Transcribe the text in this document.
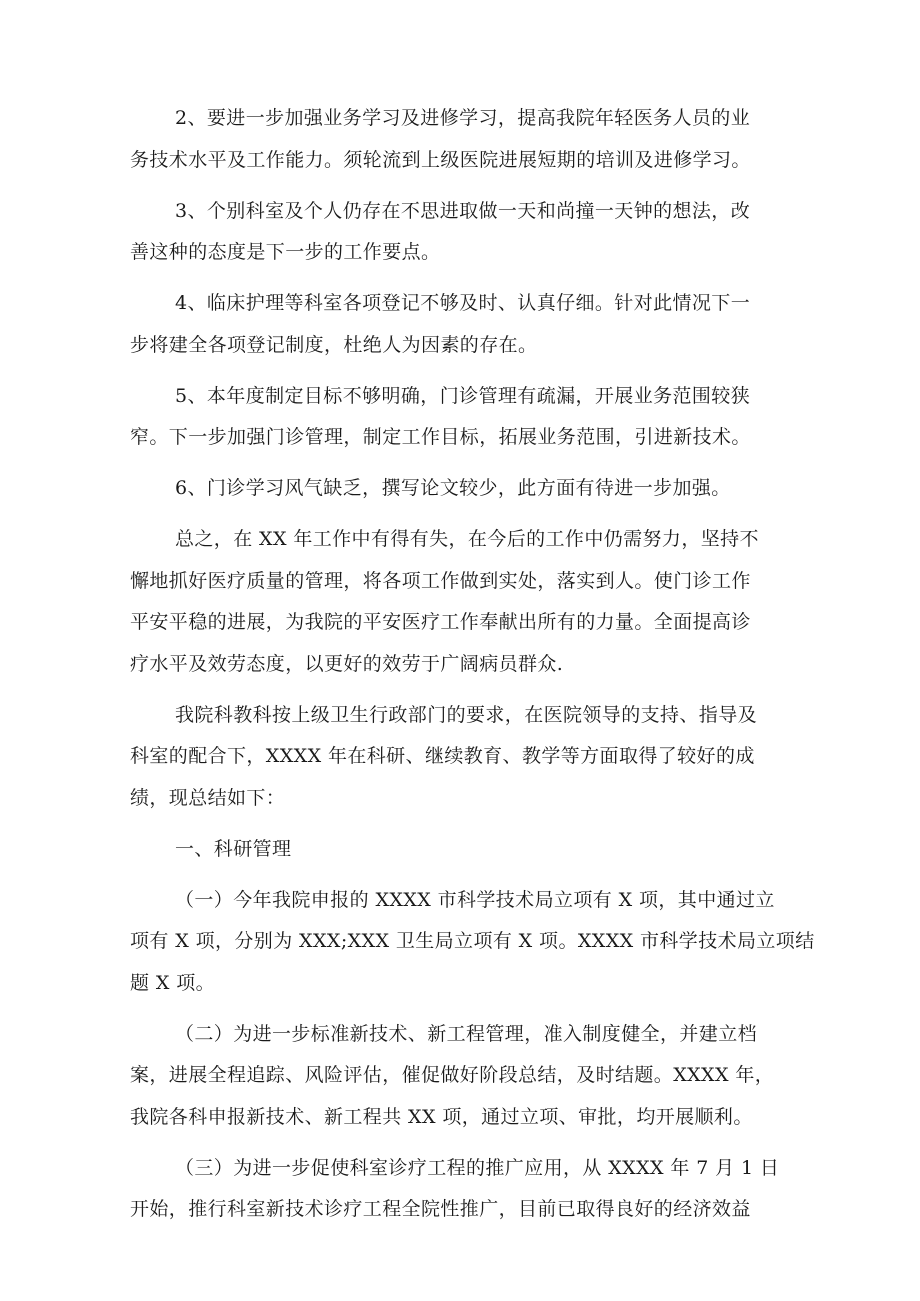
2、要进一步加强业务学习及进修学习，提高我院年轻医务人员的业
务技术水平及工作能力。须轮流到上级医院进展短期的培训及进修学习。
3、个别科室及个人仍存在不思进取做一天和尚撞一天钟的想法，改
善这种的态度是下一步的工作要点。
4、临床护理等科室各项登记不够及时、认真仔细。针对此情况下一
步将建全各项登记制度，杜绝人为因素的存在。
5、本年度制定目标不够明确，门诊管理有疏漏，开展业务范围较狭
窄。下一步加强门诊管理，制定工作目标，拓展业务范围，引进新技术。
6、门诊学习风气缺乏，撰写论文较少，此方面有待进一步加强。
总之，在 XX 年工作中有得有失，在今后的工作中仍需努力，坚持不
懈地抓好医疗质量的管理，将各项工作做到实处，落实到人。使门诊工作
平安平稳的进展，为我院的平安医疗工作奉献出所有的力量。全面提高诊
疗水平及效劳态度，以更好的效劳于广阔病员群众.
我院科教科按上级卫生行政部门的要求，在医院领导的支持、指导及
科室的配合下，XXXX 年在科研、继续教育、教学等方面取得了较好的成
绩，现总结如下：
一、科研管理
（一）今年我院申报的 XXXX 市科学技术局立项有 X 项，其中通过立
项有 X 项，分别为 XXX;XXX 卫生局立项有 X 项。XXXX 市科学技术局立项结
题 X 项。
（二）为进一步标准新技术、新工程管理，准入制度健全，并建立档
案，进展全程追踪、风险评估，催促做好阶段总结，及时结题。XXXX 年，
我院各科申报新技术、新工程共 XX 项，通过立项、审批，均开展顺利。
（三）为进一步促使科室诊疗工程的推广应用，从 XXXX 年 7 月 1 日
开始，推行科室新技术诊疗工程全院性推广，目前已取得良好的经济效益
